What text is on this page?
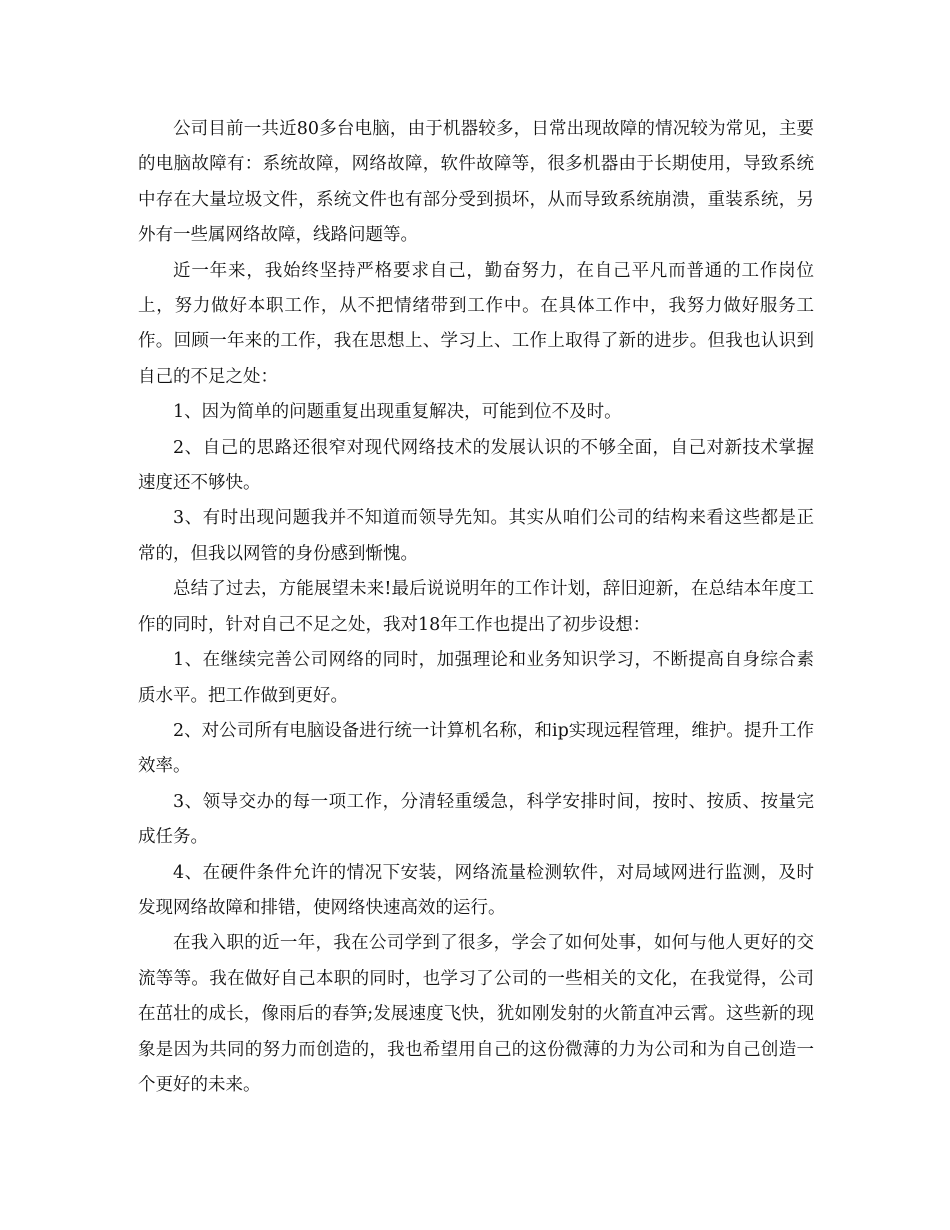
公司目前一共近80多台电脑，由于机器较多，日常出现故障的情况较为常见，主要的电脑故障有：系统故障，网络故障，软件故障等，很多机器由于长期使用，导致系统中存在大量垃圾文件，系统文件也有部分受到损坏，从而导致系统崩溃，重装系统，另外有一些属网络故障，线路问题等。

近一年来，我始终坚持严格要求自己，勤奋努力，在自己平凡而普通的工作岗位上，努力做好本职工作，从不把情绪带到工作中。在具体工作中，我努力做好服务工作。回顾一年来的工作，我在思想上、学习上、工作上取得了新的进步。但我也认识到自己的不足之处：

1、因为简单的问题重复出现重复解决，可能到位不及时。

2、自己的思路还很窄对现代网络技术的发展认识的不够全面，自己对新技术掌握速度还不够快。

3、有时出现问题我并不知道而领导先知。其实从咱们公司的结构来看这些都是正常的，但我以网管的身份感到惭愧。

总结了过去，方能展望未来!最后说说明年的工作计划，辞旧迎新，在总结本年度工作的同时，针对自己不足之处，我对18年工作也提出了初步设想：

1、在继续完善公司网络的同时，加强理论和业务知识学习，不断提高自身综合素质水平。把工作做到更好。

2、对公司所有电脑设备进行统一计算机名称，和ip实现远程管理，维护。提升工作效率。

3、领导交办的每一项工作，分清轻重缓急，科学安排时间，按时、按质、按量完成任务。

4、在硬件条件允许的情况下安装，网络流量检测软件，对局域网进行监测，及时发现网络故障和排错，使网络快速高效的运行。

在我入职的近一年，我在公司学到了很多，学会了如何处事，如何与他人更好的交流等等。我在做好自己本职的同时，也学习了公司的一些相关的文化，在我觉得，公司在茁壮的成长，像雨后的春笋;发展速度飞快，犹如刚发射的火箭直冲云霄。这些新的现象是因为共同的努力而创造的，我也希望用自己的这份微薄的力为公司和为自己创造一个更好的未来。
